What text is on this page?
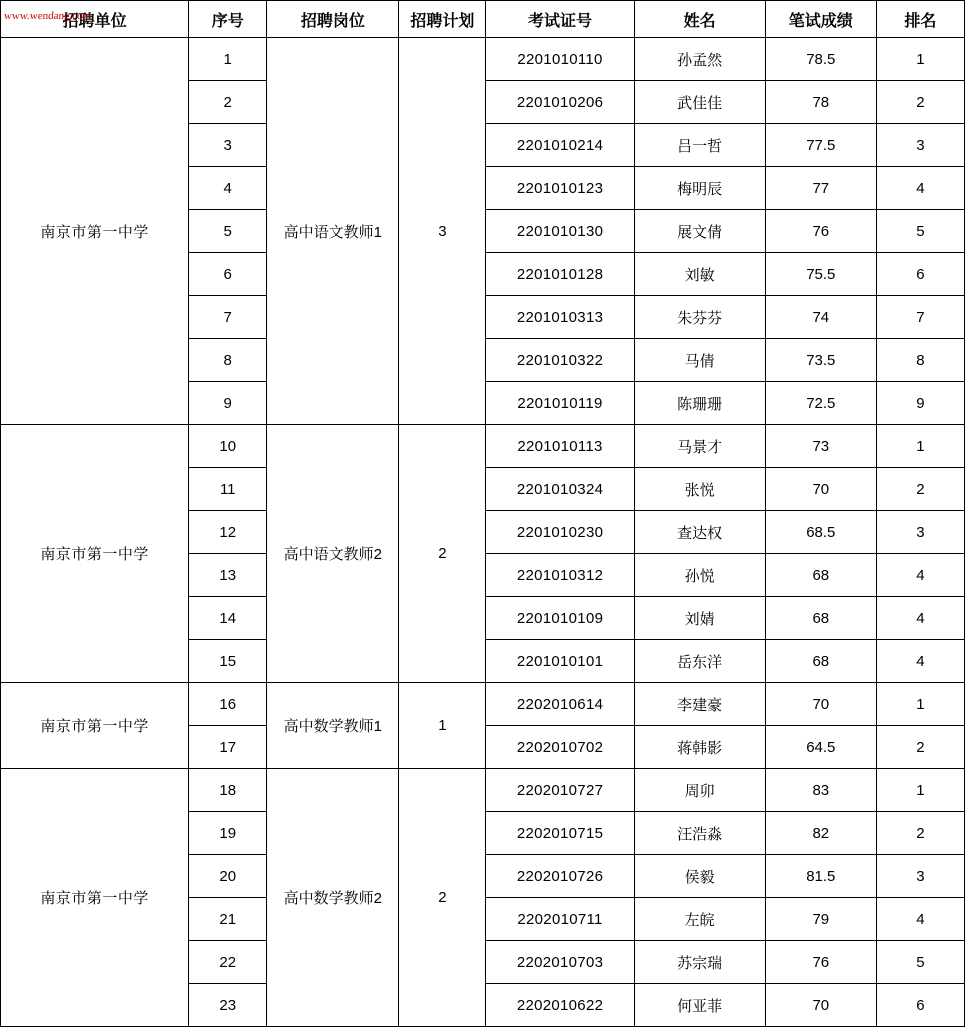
www.wendang.com
招聘单位	序号	招聘岗位	招聘计划	考试证号	姓名	笔试成绩	排名
南京市第一中学	1	高中语文教师1	3	2201010110	孙孟然	78.5	1
	2			2201010206	武佳佳	78	2
	3			2201010214	吕一哲	77.5	3
	4			2201010123	梅明辰	77	4
	5			2201010130	展文倩	76	5
	6			2201010128	刘敏	75.5	6
	7			2201010313	朱芬芬	74	7
	8			2201010322	马倩	73.5	8
	9			2201010119	陈珊珊	72.5	9
南京市第一中学	10	高中语文教师2	2	2201010113	马景才	73	1
	11			2201010324	张悦	70	2
	12			2201010230	查达权	68.5	3
	13			2201010312	孙悦	68	4
	14			2201010109	刘婧	68	4
	15			2201010101	岳东洋	68	4
南京市第一中学	16	高中数学教师1	1	2202010614	李建豪	70	1
	17			2202010702	蒋韩影	64.5	2
南京市第一中学	18	高中数学教师2	2	2202010727	周卯	83	1
	19			2202010715	汪浩淼	82	2
	20			2202010726	侯毅	81.5	3
	21			2202010711	左皖	79	4
	22			2202010703	苏宗瑞	76	5
	23			2202010622	何亚菲	70	6
